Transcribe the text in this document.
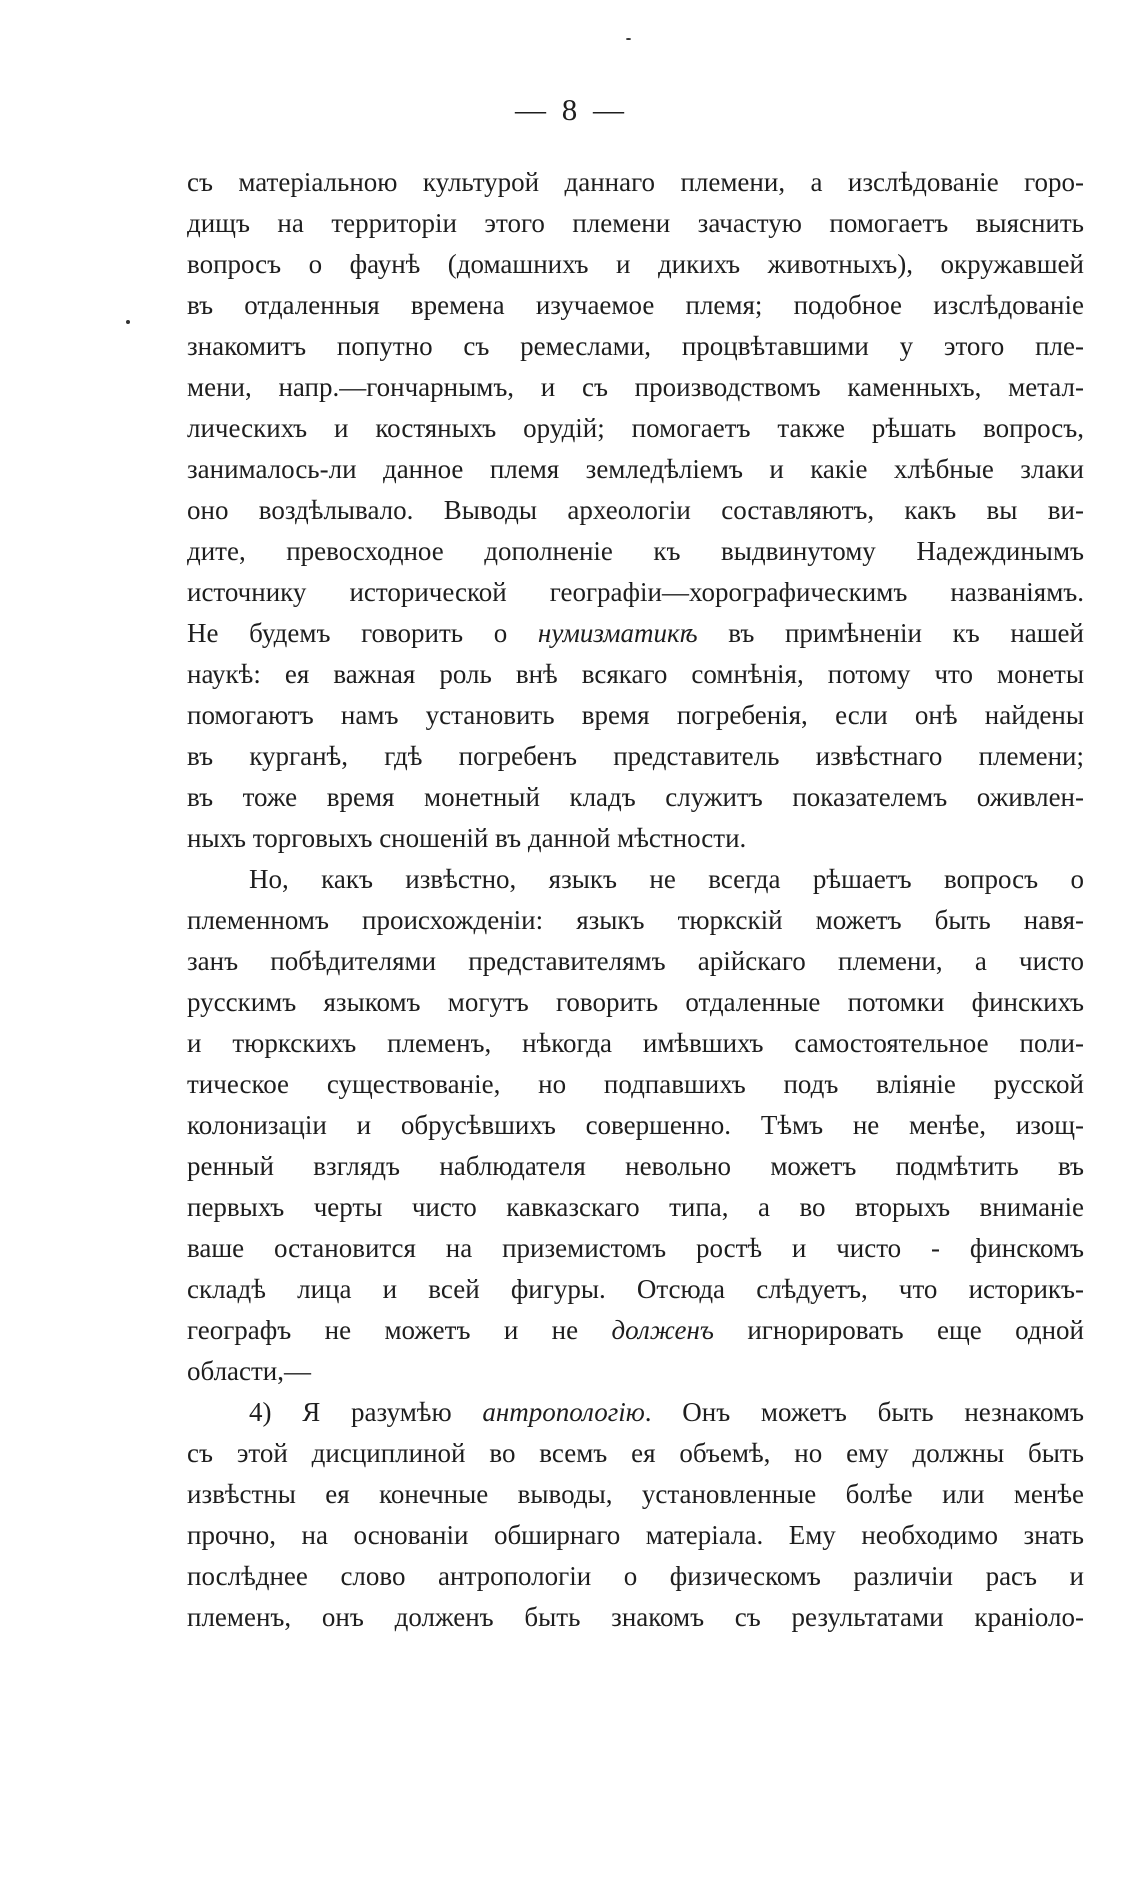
— 8 —
съ матеріальною культурой даннаго племени, а изслѣдованіе горо-
дищъ на территоріи этого племени зачастую помогаетъ выяснить
вопросъ о фаунѣ (домашнихъ и дикихъ животныхъ), окружавшей
въ отдаленныя времена изучаемое племя; подобное изслѣдованіе
знакомитъ попутно съ ремеслами, процвѣтавшими у этого пле-
мени, напр.—гончарнымъ, и съ производствомъ каменныхъ, метал-
лическихъ и костяныхъ орудій; помогаетъ также рѣшать вопросъ,
занималось-ли данное племя земледѣліемъ и какіе хлѣбные злаки
оно воздѣлывало. Выводы археологіи составляютъ, какъ вы ви-
дите, превосходное дополненіе къ выдвинутому Надеждинымъ
источнику исторической географіи—хорографическимъ названіямъ.
Не будемъ говорить о нумизматикѣ въ примѣненіи къ нашей
наукѣ: ея важная роль внѣ всякаго сомнѣнія, потому что монеты
помогаютъ намъ установить время погребенія, если онѣ найдены
въ курганѣ, гдѣ погребенъ представитель извѣстнаго племени;
въ тоже время монетный кладъ служитъ показателемъ оживлен-
ныхъ торговыхъ сношеній въ данной мѣстности.
Но, какъ извѣстно, языкъ не всегда рѣшаетъ вопросъ о
племенномъ происхожденіи: языкъ тюркскій можетъ быть навя-
занъ побѣдителями представителямъ арійскаго племени, а чисто
русскимъ языкомъ могутъ говорить отдаленные потомки финскихъ
и тюркскихъ племенъ, нѣкогда имѣвшихъ самостоятельное поли-
тическое существованіе, но подпавшихъ подъ вліяніе русской
колонизаціи и обрусѣвшихъ совершенно. Тѣмъ не менѣе, изощ-
ренный взглядъ наблюдателя невольно можетъ подмѣтить въ
первыхъ черты чисто кавказскаго типа, а во вторыхъ вниманіе
ваше остановится на приземистомъ ростѣ и чисто - финскомъ
складѣ лица и всей фигуры. Отсюда слѣдуетъ, что историкъ-
географъ не можетъ и не долженъ игнорировать еще одной
области,—
4) Я разумѣю антропологію. Онъ можетъ быть незнакомъ
съ этой дисциплиной во всемъ ея объемѣ, но ему должны быть
извѣстны ея конечные выводы, установленные болѣе или менѣе
прочно, на основаніи обширнаго матеріала. Ему необходимо знать
послѣднее слово антропологіи о физическомъ различіи расъ и
племенъ, онъ долженъ быть знакомъ съ результатами кранiоло-
